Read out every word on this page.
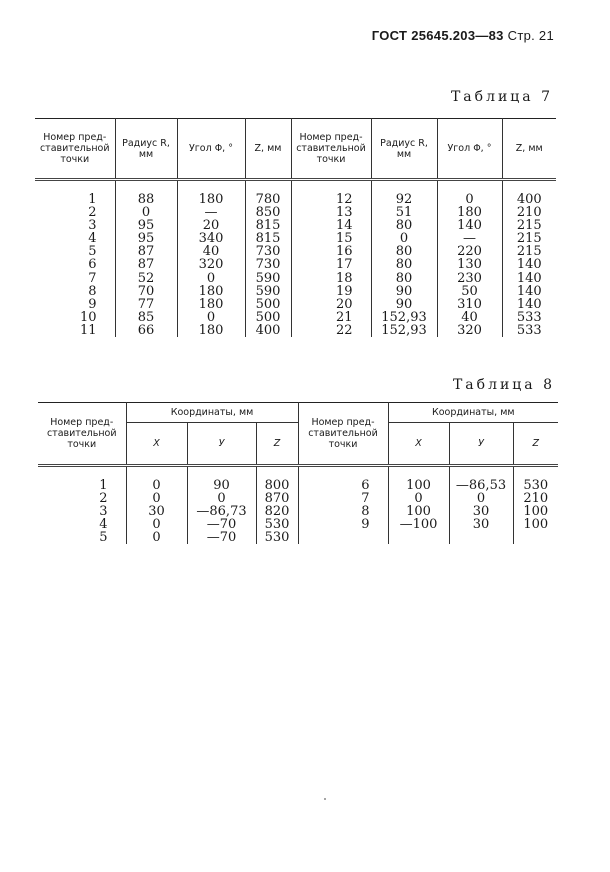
ГОСТ 25645.203—83 Стр. 21
Таблица 7
Номер пред- ставительной точки	Радиус R, мм	Угол Φ, °	Z, мм	Номер пред- ставительной точки	Радиус R, мм	Угол Φ, °	Z, мм
1	88	180	780	12	92	0	400
2	0	—	850	13	51	180	210
3	95	20	815	14	80	140	215
4	95	340	815	15	0	—	215
5	87	40	730	16	80	220	215
6	87	320	730	17	80	130	140
7	52	0	590	18	80	230	140
8	70	180	590	19	90	50	140
9	77	180	500	20	90	310	140
10	85	0	500	21	152,93	40	533
11	66	180	400	22	152,93	320	533
Таблица 8
Номер пред- ставительной точки	Координаты, мм			Номер пред- ставительной точки	Координаты, мм		
	X	У	Z		X	У	Z
1	0	90	800	6	100	—86,53	530
2	0	0	870	7	0	0	210
3	30	—86,73	820	8	100	30	100
4	0	—70	530	9	—100	30	100
5	0	—70	530				
